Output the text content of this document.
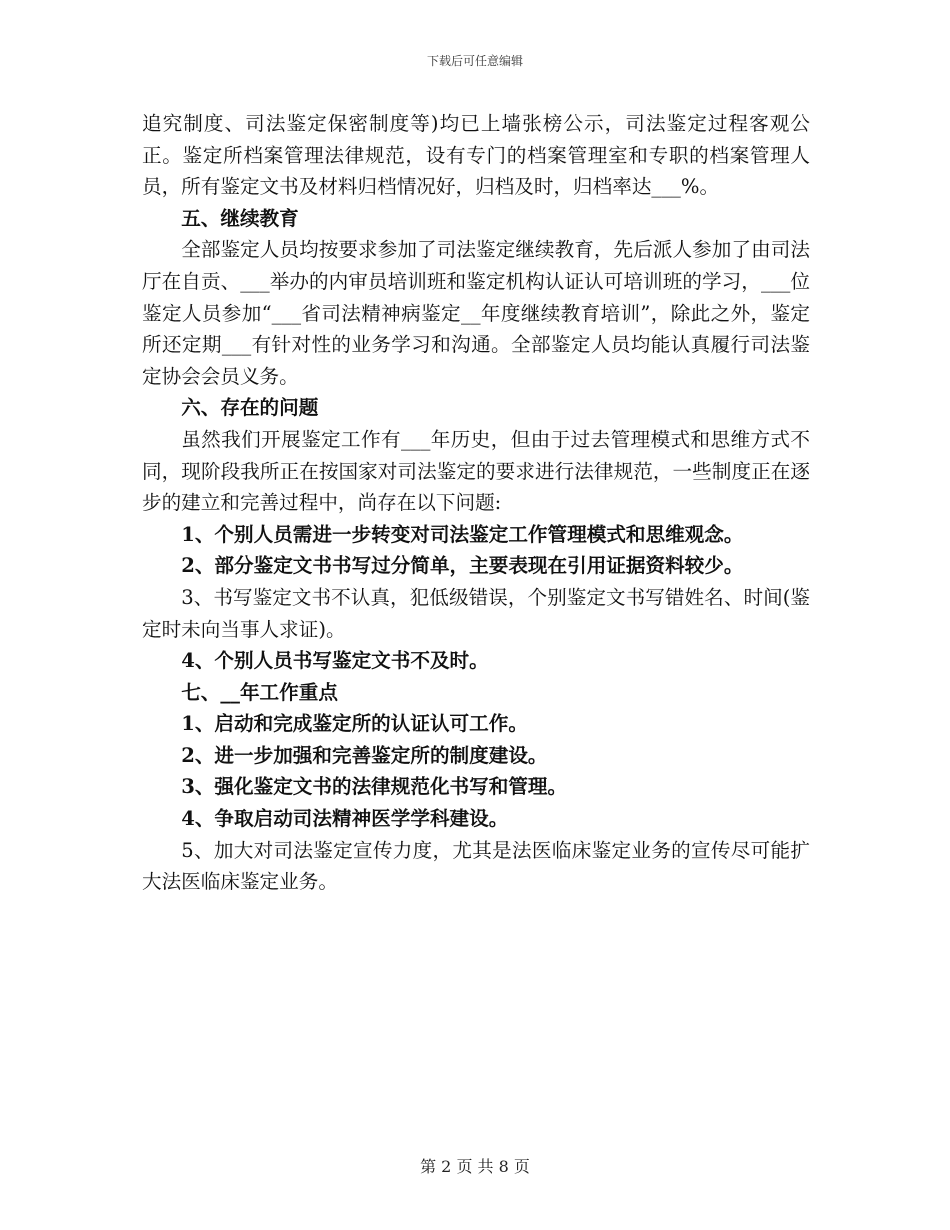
下载后可任意编辑

追究制度、司法鉴定保密制度等)均已上墙张榜公示，司法鉴定过程客观公正。鉴定所档案管理法律规范，设有专门的档案管理室和专职的档案管理人员，所有鉴定文书及材料归档情况好，归档及时，归档率达___%。

五、继续教育

全部鉴定人员均按要求参加了司法鉴定继续教育，先后派人参加了由司法厅在自贡、___举办的内审员培训班和鉴定机构认证认可培训班的学习，___位鉴定人员参加“___省司法精神病鉴定__年度继续教育培训”，除此之外，鉴定所还定期___有针对性的业务学习和沟通。全部鉴定人员均能认真履行司法鉴定协会会员义务。

六、存在的问题

虽然我们开展鉴定工作有___年历史，但由于过去管理模式和思维方式不同，现阶段我所正在按国家对司法鉴定的要求进行法律规范，一些制度正在逐步的建立和完善过程中，尚存在以下问题:

1、个别人员需进一步转变对司法鉴定工作管理模式和思维观念。

2、部分鉴定文书书写过分简单，主要表现在引用证据资料较少。

3、书写鉴定文书不认真，犯低级错误，个别鉴定文书写错姓名、时间(鉴定时未向当事人求证)。

4、个别人员书写鉴定文书不及时。

七、__年工作重点

1、启动和完成鉴定所的认证认可工作。

2、进一步加强和完善鉴定所的制度建设。

3、强化鉴定文书的法律规范化书写和管理。

4、争取启动司法精神医学学科建设。

5、加大对司法鉴定宣传力度，尤其是法医临床鉴定业务的宣传尽可能扩大法医临床鉴定业务。

第 2 页 共 8 页
